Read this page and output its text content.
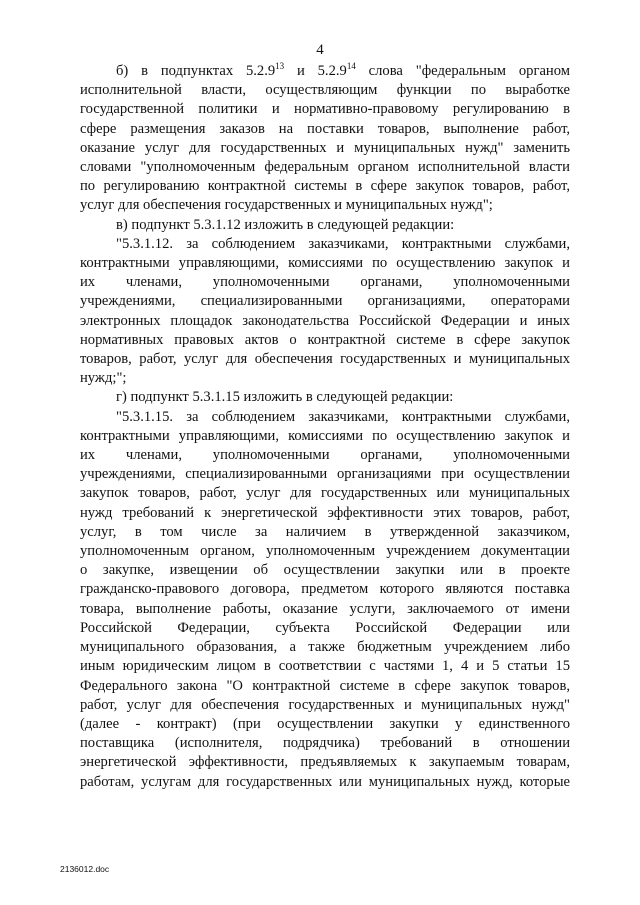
4
б) в подпунктах 5.2.9$^{13}$ и 5.2.9$^{14}$ слова "федеральным органом
исполнительной власти, осуществляющим функции по выработке
государственной политики и нормативно-правовому регулированию в
сфере размещения заказов на поставки товаров, выполнение работ,
оказание услуг для государственных и муниципальных нужд" заменить
словами "уполномоченным федеральным органом исполнительной власти
по регулированию контрактной системы в сфере закупок товаров, работ,
услуг для обеспечения государственных и муниципальных нужд";
в) подпункт 5.3.1.12 изложить в следующей редакции:
"5.3.1.12. за соблюдением заказчиками, контрактными службами,
контрактными управляющими, комиссиями по осуществлению закупок и
их членами, уполномоченными органами, уполномоченными
учреждениями, специализированными организациями, операторами
электронных площадок законодательства Российской Федерации и иных
нормативных правовых актов о контрактной системе в сфере закупок
товаров, работ, услуг для обеспечения государственных и муниципальных
нужд;";
г) подпункт 5.3.1.15 изложить в следующей редакции:
"5.3.1.15. за соблюдением заказчиками, контрактными службами,
контрактными управляющими, комиссиями по осуществлению закупок и
их членами, уполномоченными органами, уполномоченными
учреждениями, специализированными организациями при осуществлении
закупок товаров, работ, услуг для государственных или муниципальных
нужд требований к энергетической эффективности этих товаров, работ,
услуг, в том числе за наличием в утвержденной заказчиком,
уполномоченным органом, уполномоченным учреждением документации
о закупке, извещении об осуществлении закупки или в проекте
гражданско-правового договора, предметом которого являются поставка
товара, выполнение работы, оказание услуги, заключаемого от имени
Российской Федерации, субъекта Российской Федерации или
муниципального образования, а также бюджетным учреждением либо
иным юридическим лицом в соответствии с частями 1, 4 и 5 статьи 15
Федерального закона "О контрактной системе в сфере закупок товаров,
работ, услуг для обеспечения государственных и муниципальных нужд"
(далее - контракт) (при осуществлении закупки у единственного
поставщика (исполнителя, подрядчика) требований в отношении
энергетической эффективности, предъявляемых к закупаемым товарам,
работам, услугам для государственных или муниципальных нужд, которые
2136012.doc
